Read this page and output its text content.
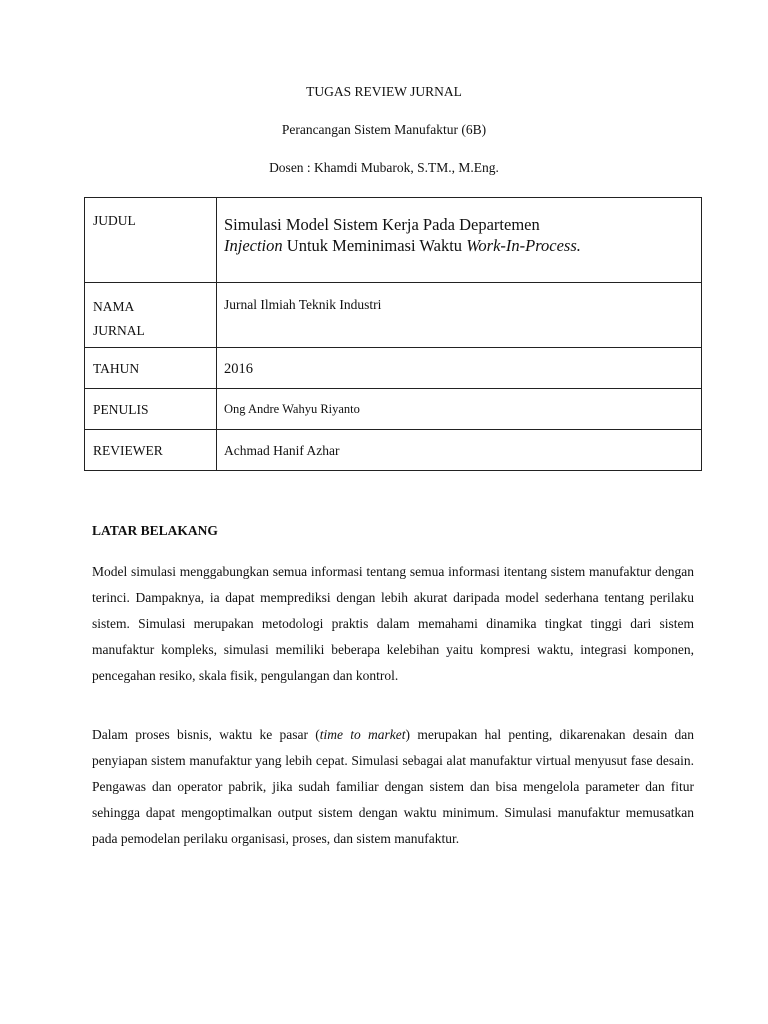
TUGAS REVIEW JURNAL
Perancangan Sistem Manufaktur (6B)
Dosen : Khamdi Mubarok, S.TM., M.Eng.
JUDUL	Simulasi Model Sistem Kerja Pada Departemen
Injection Untuk Meminimasi Waktu Work-In-Process.
NAMA
JURNAL	Jurnal Ilmiah Teknik Industri
TAHUN	2016
PENULIS	Ong Andre Wahyu Riyanto
REVIEWER	Achmad Hanif Azhar
LATAR BELAKANG
Model simulasi menggabungkan semua informasi tentang semua informasi itentang sistem manufaktur dengan terinci. Dampaknya, ia dapat memprediksi dengan lebih akurat daripada model sederhana tentang perilaku sistem. Simulasi merupakan metodologi praktis dalam memahami dinamika tingkat tinggi dari sistem manufaktur kompleks, simulasi memiliki beberapa kelebihan yaitu kompresi waktu, integrasi komponen, pencegahan resiko, skala fisik, pengulangan dan kontrol.
Dalam proses bisnis, waktu ke pasar (time to market) merupakan hal penting, dikarenakan desain dan penyiapan sistem manufaktur yang lebih cepat. Simulasi sebagai alat manufaktur virtual menyusut fase desain. Pengawas dan operator pabrik, jika sudah familiar dengan sistem dan bisa mengelola parameter dan fitur sehingga dapat mengoptimalkan output sistem dengan waktu minimum. Simulasi manufaktur memusatkan pada pemodelan perilaku organisasi, proses, dan sistem manufaktur.
